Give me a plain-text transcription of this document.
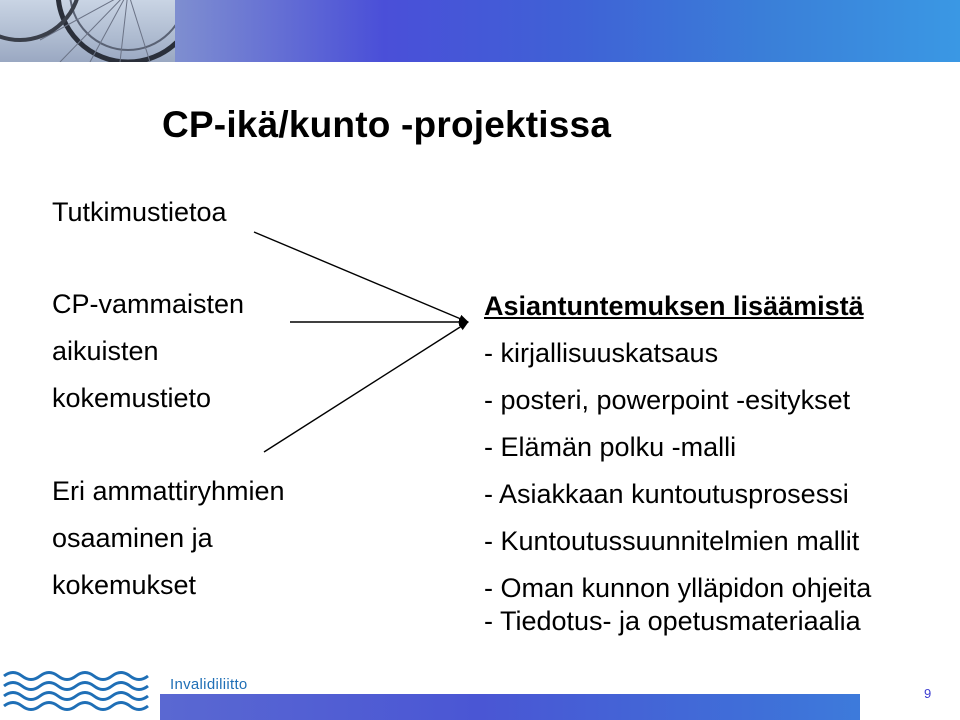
CP-ikä/kunto -projektissa
Tutkimustietoa
CP-vammaisten
aikuisten
kokemustieto
Eri ammattiryhmien
osaaminen ja
kokemukset
Asiantuntemuksen lisäämistä
- kirjallisuuskatsaus
- posteri, powerpoint -esitykset
- Elämän polku -malli
- Asiakkaan kuntoutusprosessi
- Kuntoutussuunnitelmien mallit
- Oman kunnon ylläpidon ohjeita
- Tiedotus- ja opetusmateriaalia
Invalidiliitto
9
